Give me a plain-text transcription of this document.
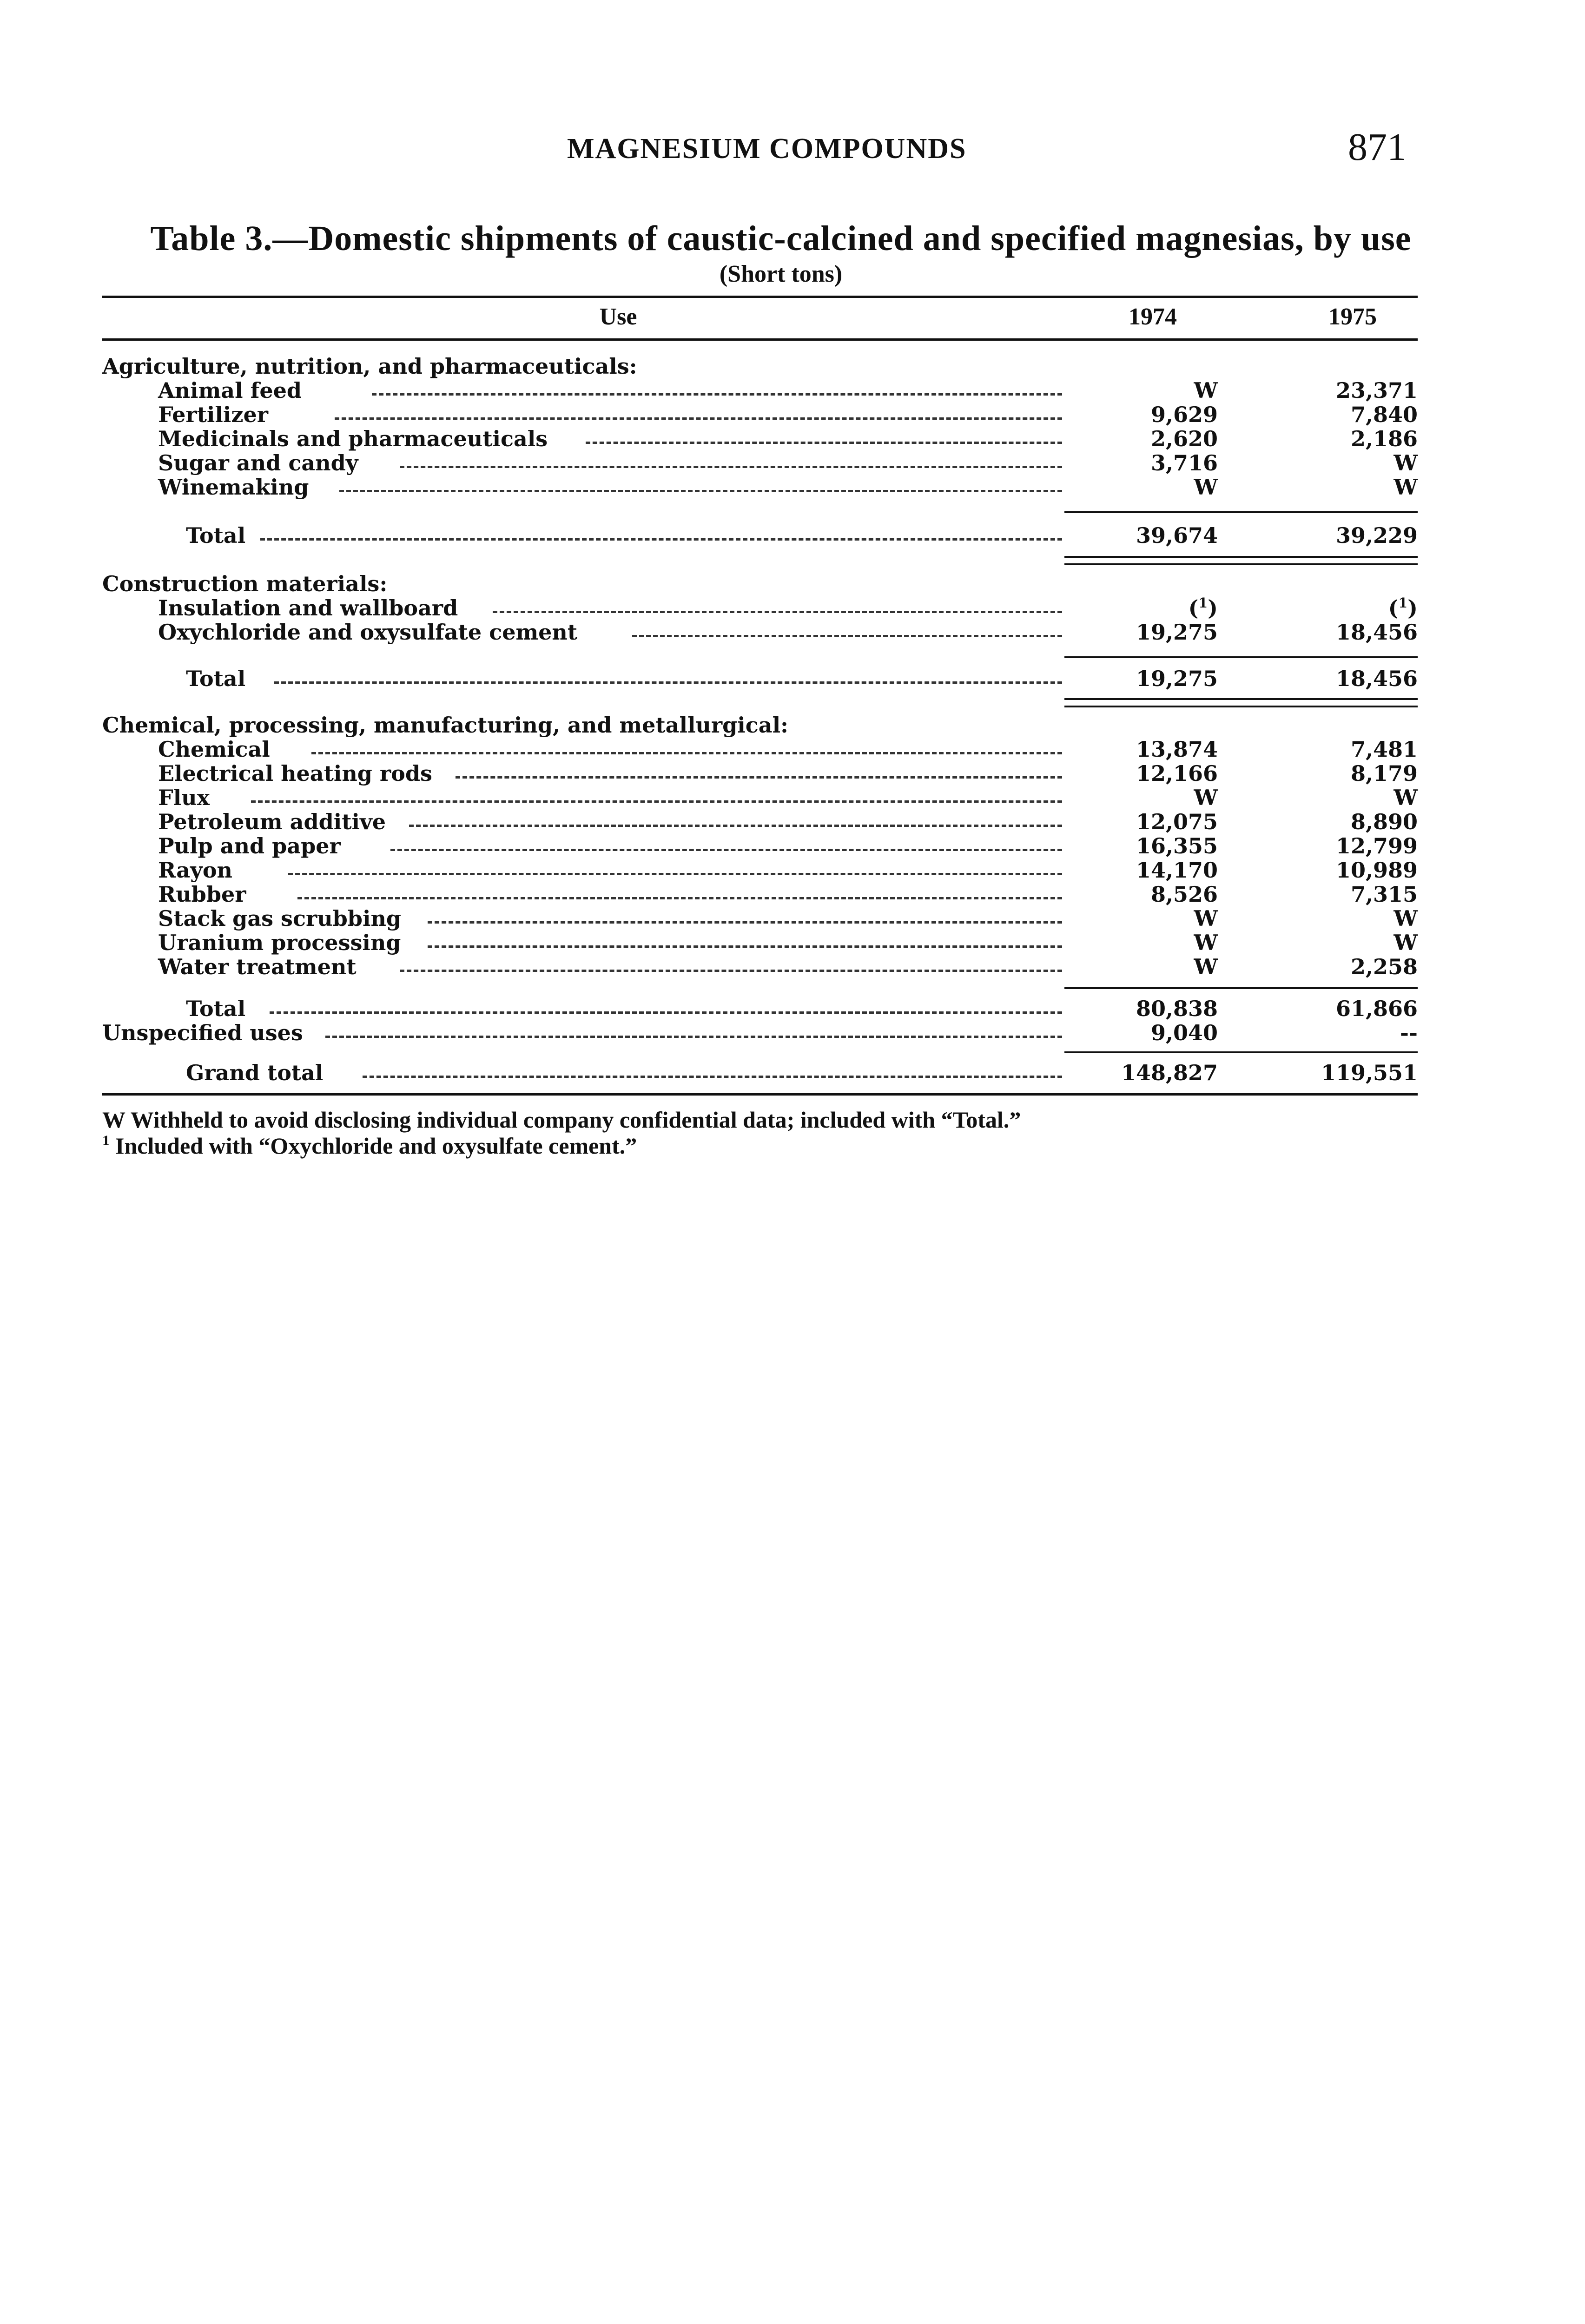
MAGNESIUM COMPOUNDS	871
Table 3.—Domestic shipments of caustic-calcined and specified magnesias, by use
(Short tons)
Use	1974	1975
Agriculture, nutrition, and pharmaceuticals:
Animal feed	W	23,371
Fertilizer	9,629	7,840
Medicinals and pharmaceuticals	2,620	2,186
Sugar and candy	3,716	W
Winemaking	W	W
Total	39,674	39,229
Construction materials:
Insulation and wallboard	($^1$)	($^1$)
Oxychloride and oxysulfate cement	19,275	18,456
Total	19,275	18,456
Chemical, processing, manufacturing, and metallurgical:
Chemical	13,874	7,481
Electrical heating rods	12,166	8,179
Flux	W	W
Petroleum additive	12,075	8,890
Pulp and paper	16,355	12,799
Rayon	14,170	10,989
Rubber	8,526	7,315
Stack gas scrubbing	W	W
Uranium processing	W	W
Water treatment	W	2,258
Total	80,838	61,866
Unspecified uses	9,040	--
Grand total	148,827	119,551
W Withheld to avoid disclosing individual company confidential data; included with “Total.”
$^1$ Included with “Oxychloride and oxysulfate cement.”
